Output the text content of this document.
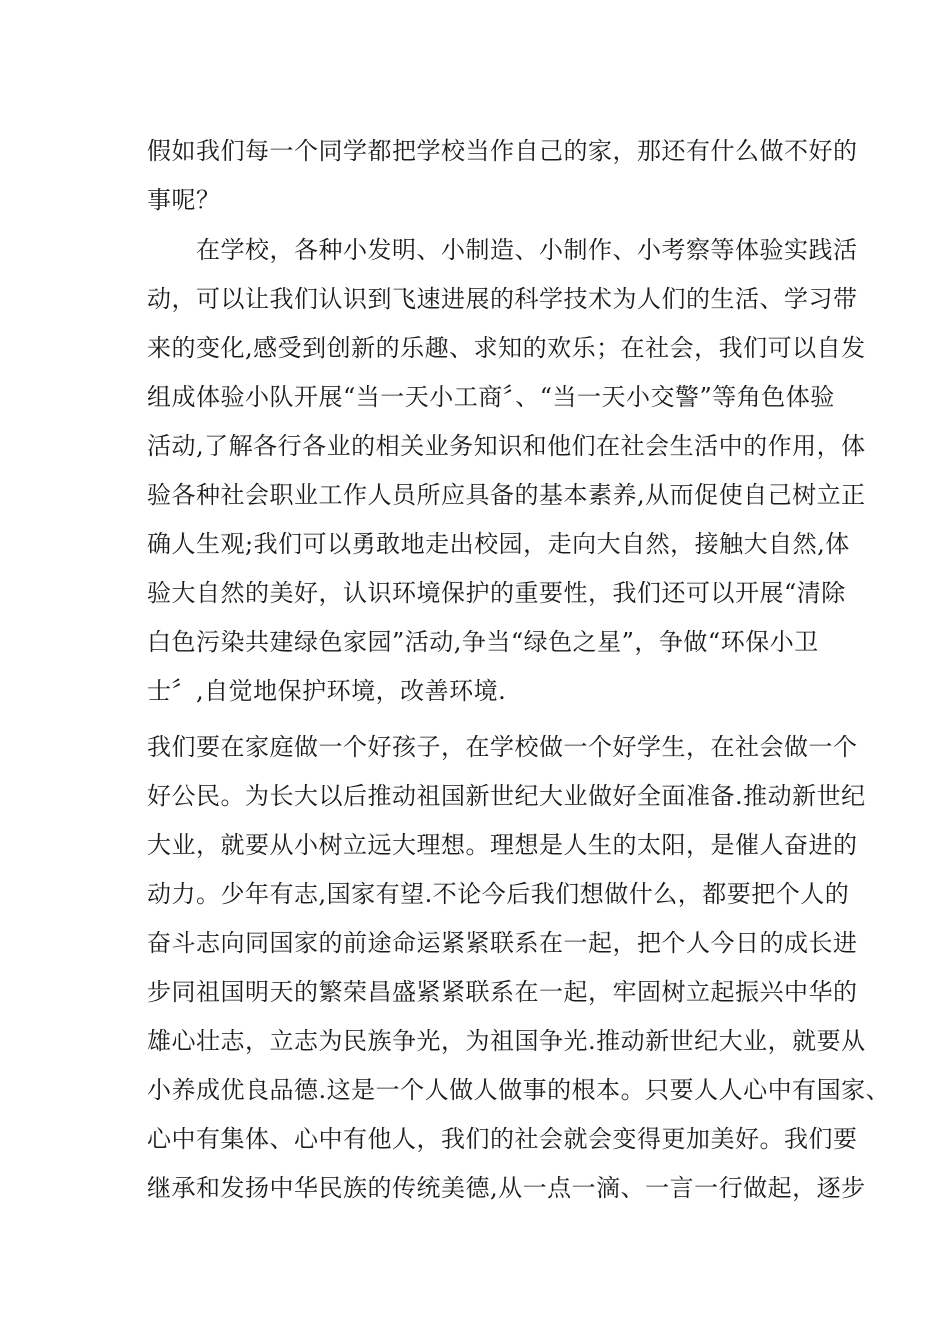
假如我们每一个同学都把学校当作自己的家，那还有什么做不好的
事呢？
　　在学校，各种小发明、小制造、小制作、小考察等体验实践活
动，可以让我们认识到飞速进展的科学技术为人们的生活、学习带
来的变化,感受到创新的乐趣、求知的欢乐；在社会，我们可以自发
组成体验小队开展“当一天小工商〞、“当一天小交警”等角色体验
活动,了解各行各业的相关业务知识和他们在社会生活中的作用，体
验各种社会职业工作人员所应具备的基本素养,从而促使自己树立正
确人生观;我们可以勇敢地走出校园，走向大自然，接触大自然,体
验大自然的美好，认识环境保护的重要性，我们还可以开展“清除
白色污染共建绿色家园”活动,争当“绿色之星”，争做“环保小卫
士〞,自觉地保护环境，改善环境.
我们要在家庭做一个好孩子，在学校做一个好学生，在社会做一个
好公民。为长大以后推动祖国新世纪大业做好全面准备.推动新世纪
大业，就要从小树立远大理想。理想是人生的太阳，是催人奋进的
动力。少年有志,国家有望.不论今后我们想做什么，都要把个人的
奋斗志向同国家的前途命运紧紧联系在一起，把个人今日的成长进
步同祖国明天的繁荣昌盛紧紧联系在一起，牢固树立起振兴中华的
雄心壮志，立志为民族争光，为祖国争光.推动新世纪大业，就要从
小养成优良品德.这是一个人做人做事的根本。只要人人心中有国家、
心中有集体、心中有他人，我们的社会就会变得更加美好。我们要
继承和发扬中华民族的传统美德,从一点一滴、一言一行做起，逐步
